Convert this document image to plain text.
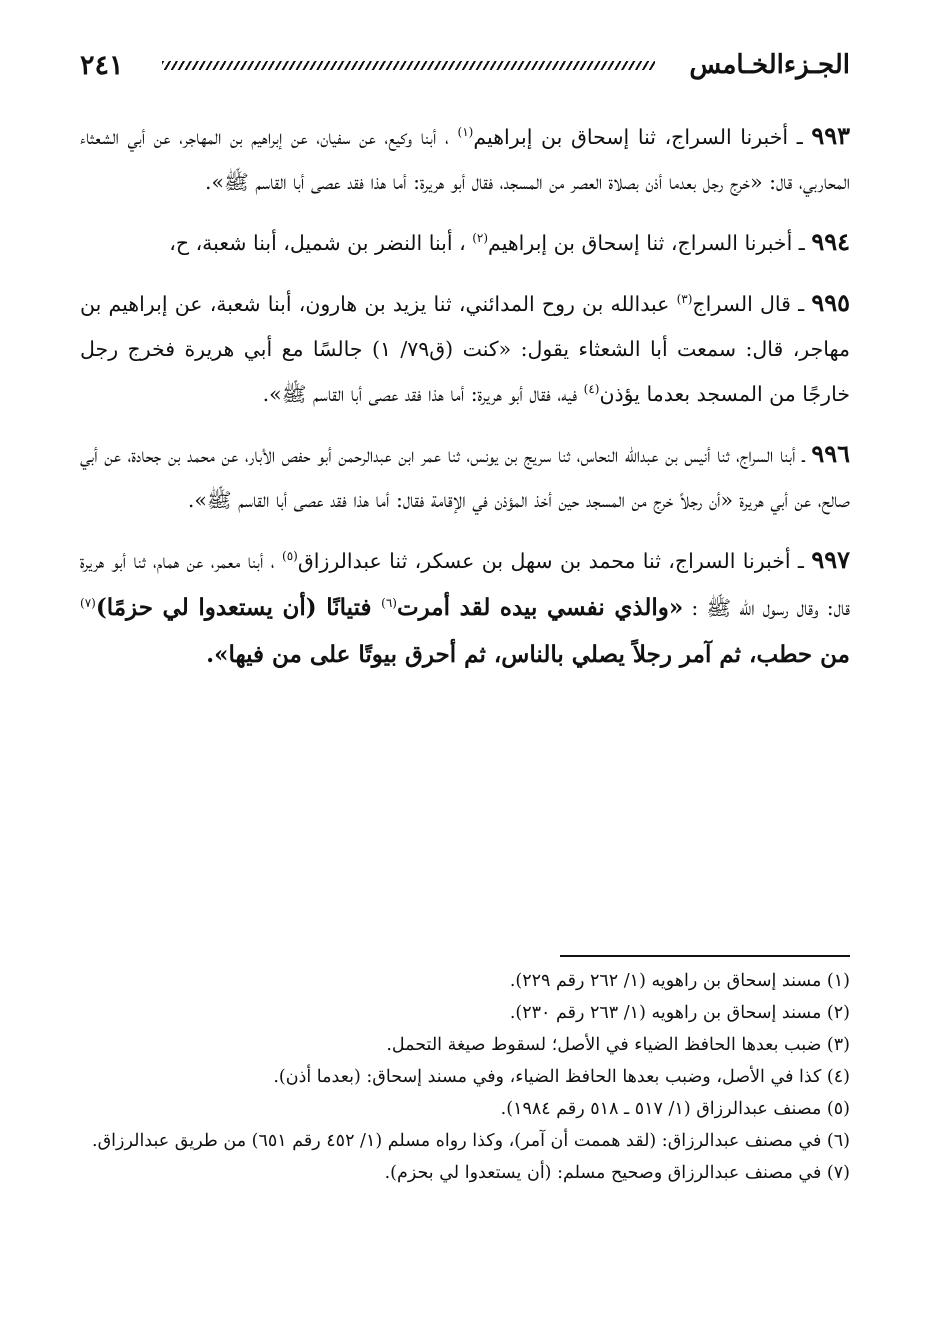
الجـزءالخـامس
٢٤١

٩٩٣ ـ أخبرنا السراج، ثنا إسحاق بن إبراهيم$^{(١)}$ ، أبنا وكيع، عن سفيان، عن إبراهيم بن المهاجر، عن أبي الشعثاء المحاربي، قال: «خرج رجل بعدما أذن بصلاة العصر من المسجد، فقال أبو هريرة: أما هذا فقد عصى أبا القاسم ﷺ».

٩٩٤ ـ أخبرنا السراج، ثنا إسحاق بن إبراهيم$^{(٢)}$ ، أبنا النضر بن شميل، أبنا شعبة، ح،

٩٩٥ ـ قال السراج$^{(٣)}$ عبدالله بن روح المدائني، ثنا يزيد بن هارون، أبنا شعبة، عن إبراهيم بن مهاجر، قال: سمعت أبا الشعثاء يقول: «كنت (ق٧٩/ ١) جالسًا مع أبي هريرة فخرج رجل خارجًا من المسجد بعدما يؤذن$^{(٤)}$ فيه، فقال أبو هريرة: أما هذا فقد عصى أبا القاسم ﷺ».

٩٩٦ ـ أبنا السراج، ثنا أنيس بن عبدالله النحاس، ثنا سريج بن يونس، ثنا عمر ابن عبدالرحمن أبو حفص الأبار، عن محمد بن جحادة، عن أبي صالح، عن أبي هريرة «أن رجلاً خرج من المسجد حين أخذ المؤذن في الإقامة فقال: أما هذا فقد عصى أبا القاسم ﷺ».

٩٩٧ ـ أخبرنا السراج، ثنا محمد بن سهل بن عسكر، ثنا عبدالرزاق$^{(٥)}$ ، أبنا معمر، عن همام، ثنا أبو هريرة قال: وقال رسول الله ﷺ : «والذي نفسي بيده لقد أمرت$^{(٦)}$ فتيانًا (أن يستعدوا لي حزمًا)$^{(٧)}$ من حطب، ثم آمر رجلاً يصلي بالناس، ثم أحرق بيوتًا على من فيها».

(١) مسند إسحاق بن راهويه (١/ ٢٦٢ رقم ٢٢٩).

(٢) مسند إسحاق بن راهويه (١/ ٢٦٣ رقم ٢٣٠).

(٣) ضبب بعدها الحافظ الضياء في الأصل؛ لسقوط صيغة التحمل.

(٤) كذا في الأصل، وضبب بعدها الحافظ الضياء، وفي مسند إسحاق: (بعدما أذن).

(٥) مصنف عبدالرزاق (١/ ٥١٧ ـ ٥١٨ رقم ١٩٨٤).

(٦) في مصنف عبدالرزاق: (لقد هممت أن آمر)، وكذا رواه مسلم (١/ ٤٥٢ رقم ٦٥١) من طريق عبدالرزاق.

(٧) في مصنف عبدالرزاق وصحيح مسلم: (أن يستعدوا لي بحزم).
